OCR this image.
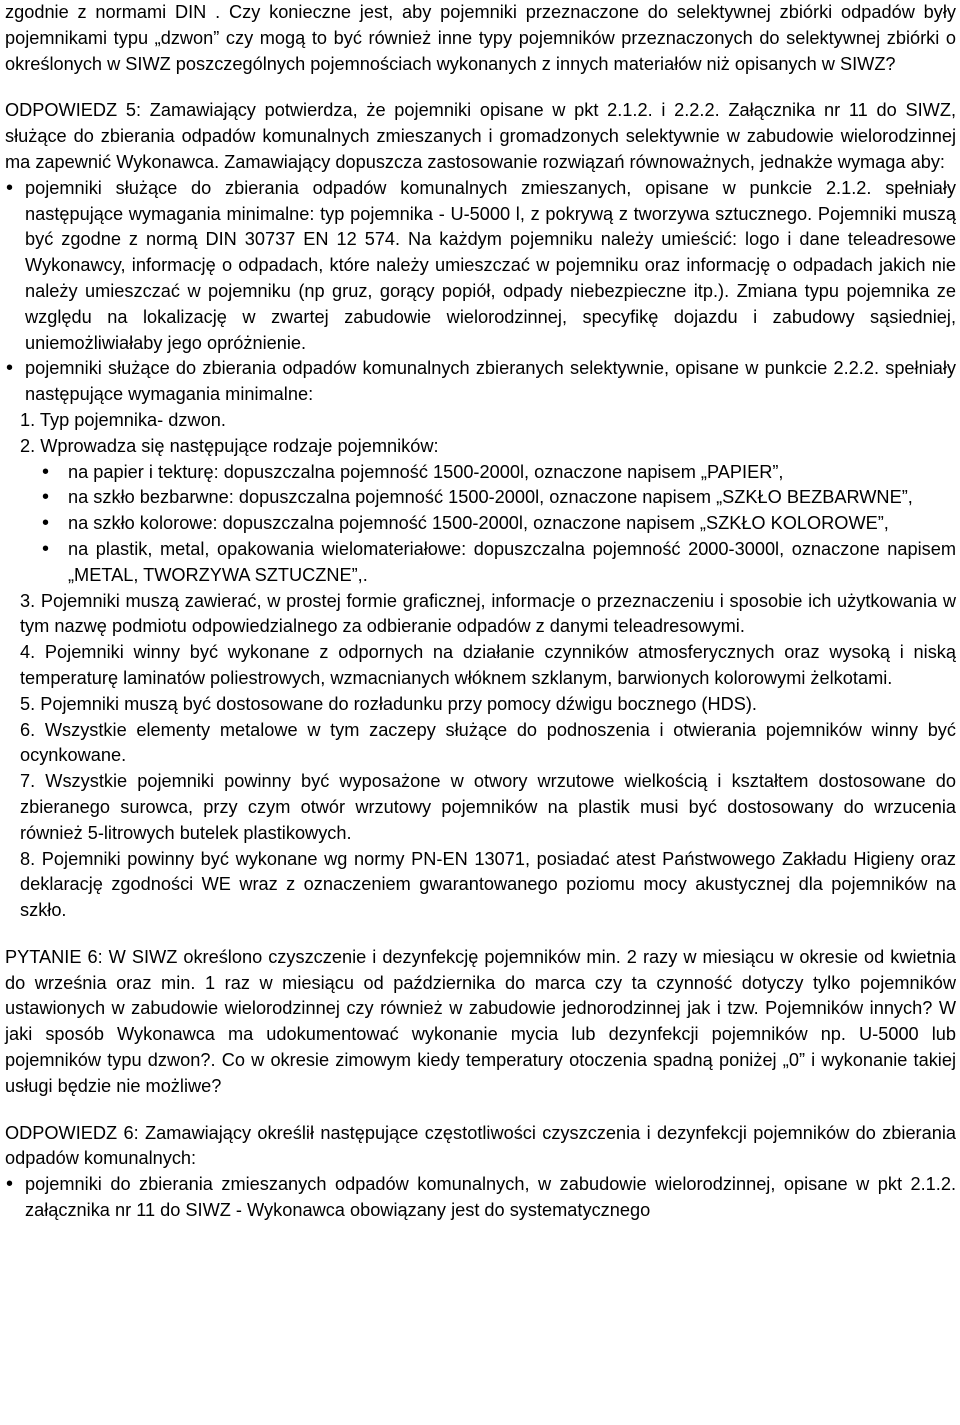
zgodnie z normami DIN . Czy konieczne jest, aby pojemniki przeznaczone do selektywnej zbiórki odpadów były pojemnikami typu „dzwon” czy mogą to być również inne typy pojemników przeznaczonych do selektywnej zbiórki o określonych w SIWZ poszczególnych pojemnościach wykonanych z innych materiałów niż opisanych w SIWZ?

ODPOWIEDZ 5: Zamawiający potwierdza, że pojemniki opisane w pkt 2.1.2. i 2.2.2. Załącznika nr 11 do SIWZ, służące do zbierania odpadów komunalnych zmieszanych i gromadzonych selektywnie w zabudowie wielorodzinnej ma zapewnić Wykonawca. Zamawiający dopuszcza zastosowanie rozwiązań równoważnych, jednakże wymaga aby:

• pojemniki służące do zbierania odpadów komunalnych zmieszanych, opisane w punkcie 2.1.2. spełniały następujące wymagania minimalne: typ pojemnika - U-5000 l, z pokrywą z tworzywa sztucznego. Pojemniki muszą być zgodne z normą DIN 30737 EN 12 574. Na każdym pojemniku należy umieścić: logo i dane teleadresowe Wykonawcy, informację o odpadach, które należy umieszczać w pojemniku oraz informację o odpadach jakich nie należy umieszczać w pojemniku (np gruz, gorący popiół, odpady niebezpieczne itp.). Zmiana typu pojemnika ze względu na lokalizację w zwartej zabudowie wielorodzinnej, specyfikę dojazdu i zabudowy sąsiedniej, uniemożliwiałaby jego opróżnienie.
• pojemniki służące do zbierania odpadów komunalnych zbieranych selektywnie, opisane w punkcie 2.2.2. spełniały następujące wymagania minimalne:

1. Typ pojemnika- dzwon.

2. Wprowadza się następujące rodzaje pojemników:

• na papier i tekturę: dopuszczalna pojemność 1500-2000l, oznaczone napisem „PAPIER”,
• na szkło bezbarwne: dopuszczalna pojemność 1500-2000l, oznaczone napisem „SZKŁO BEZBARWNE”,
• na szkło kolorowe: dopuszczalna pojemność 1500-2000l, oznaczone napisem „SZKŁO KOLOROWE”,
• na plastik, metal, opakowania wielomateriałowe: dopuszczalna pojemność 2000-3000l, oznaczone napisem „METAL, TWORZYWA SZTUCZNE”,.

3. Pojemniki muszą zawierać, w prostej formie graficznej, informacje o przeznaczeniu i sposobie ich użytkowania w tym nazwę podmiotu odpowiedzialnego za odbieranie odpadów z danymi teleadresowymi.

4. Pojemniki winny być wykonane z odpornych na działanie czynników atmosferycznych oraz wysoką i niską temperaturę laminatów poliestrowych, wzmacnianych włóknem szklanym, barwionych kolorowymi żelkotami.

5. Pojemniki muszą być dostosowane do rozładunku przy pomocy dźwigu bocznego (HDS).

6. Wszystkie elementy metalowe w tym zaczepy służące do podnoszenia i otwierania pojemników winny być ocynkowane.

7. Wszystkie pojemniki powinny być wyposażone w otwory wrzutowe wielkością i kształtem dostosowane do zbieranego surowca, przy czym otwór wrzutowy pojemników na plastik musi być dostosowany do wrzucenia również 5-litrowych butelek plastikowych.

8. Pojemniki powinny być wykonane wg normy PN-EN 13071, posiadać atest Państwowego Zakładu Higieny oraz deklarację zgodności WE wraz z oznaczeniem gwarantowanego poziomu mocy akustycznej dla pojemników na szkło.

PYTANIE 6: W SIWZ określono czyszczenie i dezynfekcję pojemników min. 2 razy w miesiącu w okresie od kwietnia do września oraz min. 1 raz w miesiącu od października do marca czy ta czynność dotyczy tylko pojemników ustawionych w zabudowie wielorodzinnej czy również w zabudowie jednorodzinnej jak i tzw. Pojemników innych? W jaki sposób Wykonawca ma udokumentować wykonanie mycia lub dezynfekcji pojemników np. U-5000 lub pojemników typu dzwon?. Co w okresie zimowym kiedy temperatury otoczenia spadną poniżej „0” i wykonanie takiej usługi będzie nie możliwe?

ODPOWIEDZ 6: Zamawiający określił następujące częstotliwości czyszczenia i dezynfekcji pojemników do zbierania odpadów komunalnych:

• pojemniki do zbierania zmieszanych odpadów komunalnych, w zabudowie wielorodzinnej, opisane w pkt 2.1.2. załącznika nr 11 do SIWZ - Wykonawca obowiązany jest do systematycznego
